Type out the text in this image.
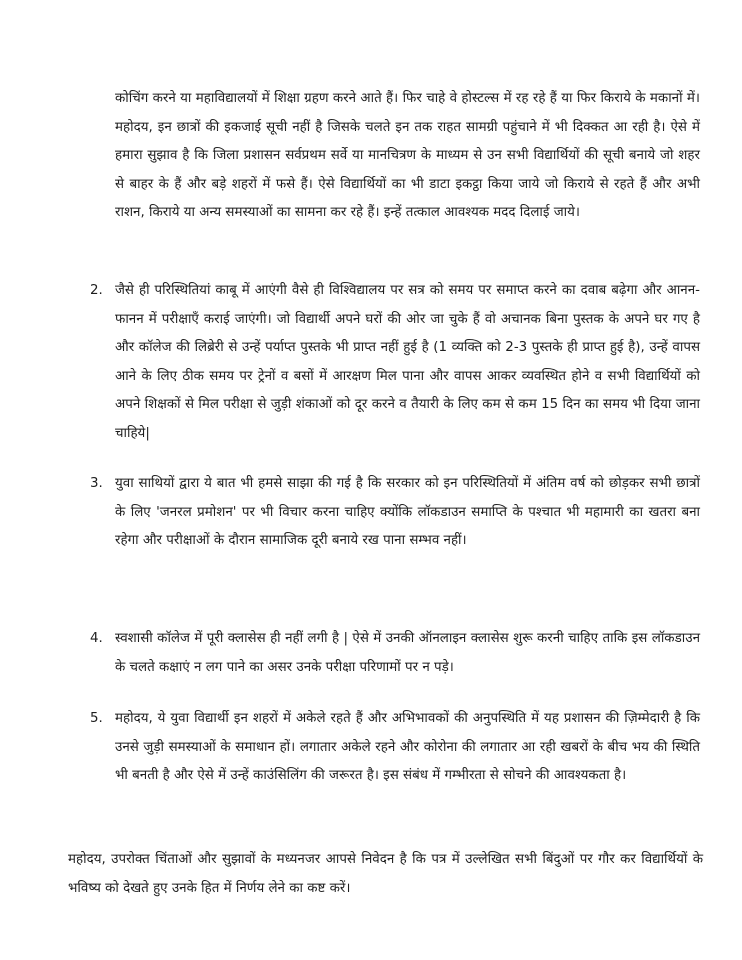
कोचिंग करने या महाविद्यालयों में शिक्षा ग्रहण करने आते हैं। फिर चाहे वे होस्टल्स में रह रहे हैं या फिर किराये के मकानों में। महोदय, इन छात्रों की इकजाई सूची नहीं है जिसके चलते इन तक राहत सामग्री पहुंचाने में भी दिक्कत आ रही है। ऐसे में हमारा सुझाव है कि जिला प्रशासन सर्वप्रथम सर्वे या मानचित्रण के माध्यम से उन सभी विद्यार्थियों की सूची बनाये जो शहर से बाहर के हैं और बड़े शहरों में फसे हैं। ऐसे विद्यार्थियों का भी डाटा इकट्ठा किया जाये जो किराये से रहते हैं और अभी राशन, किराये या अन्य समस्याओं का सामना कर रहे हैं। इन्हें तत्काल आवश्यक मदद दिलाई जाये।

2. जैसे ही परिस्थितियां काबू में आएंगी वैसे ही विश्विद्यालय पर सत्र को समय पर समाप्त करने का दवाब बढ़ेगा और आनन-फानन में परीक्षाएँ कराई जाएंगी। जो विद्यार्थी अपने घरों की ओर जा चुके हैं वो अचानक बिना पुस्तक के अपने घर गए है और कॉलेज की लिब्रेरी से उन्हें पर्याप्त पुस्तके भी प्राप्त नहीं हुई है (1 व्यक्ति को 2-3 पुस्तके ही प्राप्त हुई है), उन्हें वापस आने के लिए ठीक समय पर ट्रेनों व बसों में आरक्षण मिल पाना और वापस आकर व्यवस्थित होने व सभी विद्यार्थियों को अपने शिक्षकों से मिल परीक्षा से जुड़ी शंकाओं को दूर करने व तैयारी के लिए कम से कम 15 दिन का समय भी दिया जाना चाहिये|
3. युवा साथियों द्वारा ये बात भी हमसे साझा की गई है कि सरकार को इन परिस्थितियों में अंतिम वर्ष को छोड़कर सभी छात्रों के लिए 'जनरल प्रमोशन' पर भी विचार करना चाहिए क्योंकि लॉकडाउन समाप्ति के पश्चात भी महामारी का खतरा बना रहेगा और परीक्षाओं के दौरान सामाजिक दूरी बनाये रख पाना सम्भव नहीं।
4. स्वशासी कॉलेज में पूरी क्लासेस ही नहीं लगी है | ऐसे में उनकी ऑनलाइन क्लासेस शुरू करनी चाहिए ताकि इस लॉकडाउन के चलते कक्षाएं न लग पाने का असर उनके परीक्षा परिणामों पर न पड़े।
5. महोदय, ये युवा विद्यार्थी इन शहरों में अकेले रहते हैं और अभिभावकों की अनुपस्थिति में यह प्रशासन की ज़िम्मेदारी है कि उनसे जुड़ी समस्याओं के समाधान हों। लगातार अकेले रहने और कोरोना की लगातार आ रही खबरों के बीच भय की स्थिति भी बनती है और ऐसे में उन्हें काउंसिलिंग की जरूरत है। इस संबंध में गम्भीरता से सोचने की आवश्यकता है।

महोदय, उपरोक्त चिंताओं और सुझावों के मध्यनजर आपसे निवेदन है कि पत्र में उल्लेखित सभी बिंदुओं पर गौर कर विद्यार्थियों के भविष्य को देखते हुए उनके हित में निर्णय लेने का कष्ट करें।
